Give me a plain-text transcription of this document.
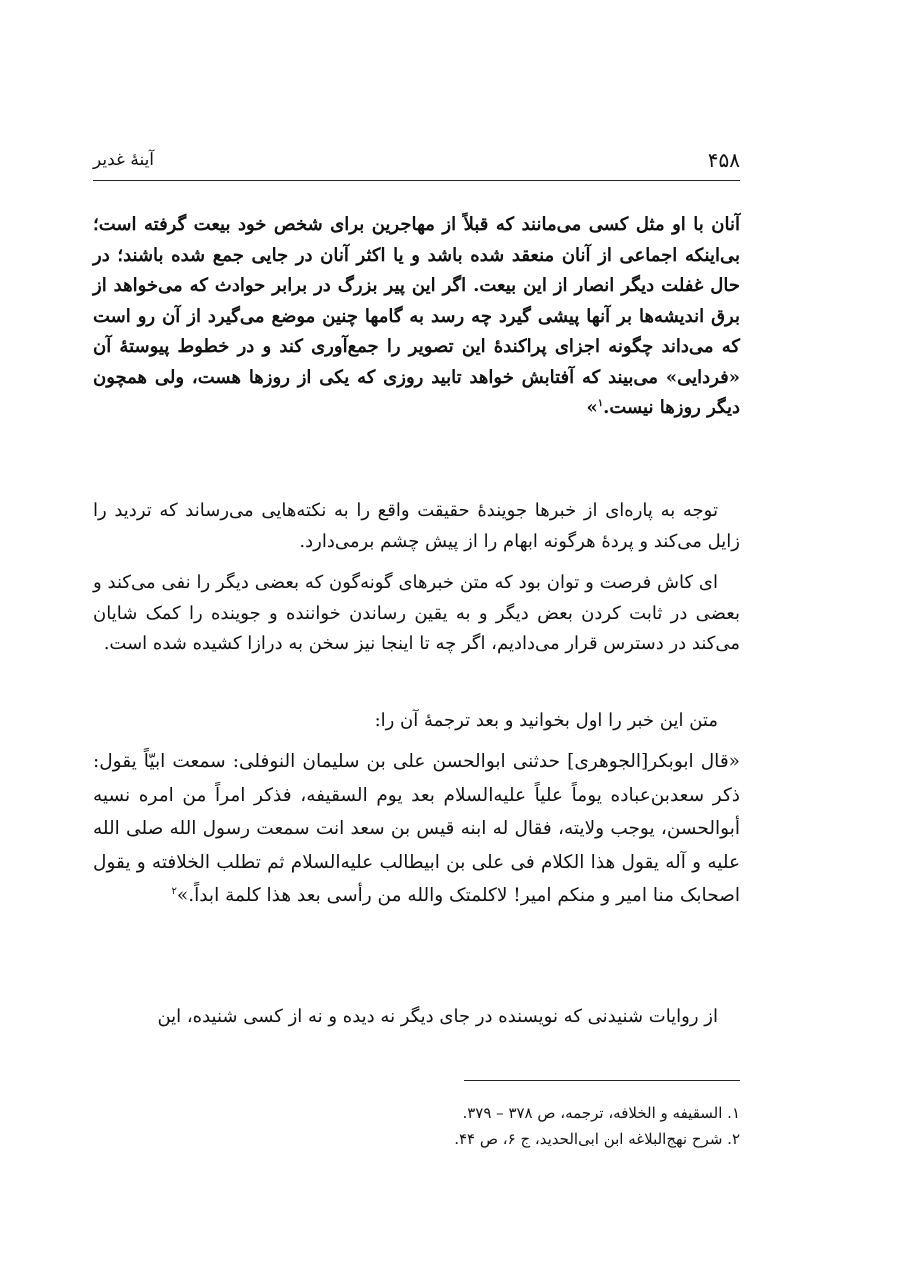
۴۵۸
آینهٔ غدیر
آنان با او مثل کسی می‌مانند که قبلاً از مهاجرین برای شخص خود بیعت گرفته است؛ بی‌اینکه اجماعی از آنان منعقد شده باشد و یا اکثر آنان در جایی جمع شده باشند؛ در حال غفلت دیگر انصار از این بیعت. اگر این پیر بزرگ در برابر حوادث که می‌خواهد از برق اندیشه‌ها بر آنها پیشی گیرد چه رسد به گامها چنین موضع می‌گیرد از آن رو است که می‌داند چگونه اجزای پراکندهٔ این تصویر را جمع‌آوری کند و در خطوط پیوستهٔ آن «فردایی» می‌بیند که آفتابش خواهد تابید روزی که یکی از روزها هست، ولی همچون دیگر روزها نیست.$^۱$»

توجه به پاره‌ای از خبرها جویندهٔ حقیقت واقع را به نکته‌هایی می‌رساند که تردید را زایل می‌کند و پردهٔ هرگونه ابهام را از پیش چشم برمی‌دارد.

ای کاش فرصت و توان بود که متن خبرهای گونه‌گون که بعضی دیگر را نفی می‌کند و بعضی در ثابت کردن بعض دیگر و به یقین رساندن خواننده و جوینده را کمک شایان می‌کند در دسترس قرار می‌دادیم، اگر چه تا اینجا نیز سخن به درازا کشیده شده است.

متن این خبر را اول بخوانید و بعد ترجمهٔ آن را:

«قال ابوبکر[الجوهری] حدثنی ابوالحسن علی بن سلیمان النوفلی: سمعت ابیّاً یقول: ذکر سعدبن‌عباده یوماً علیاً علیه‌السلام بعد یوم السقیفه، فذکر امراً من امره نسیه أبوالحسن، یوجب ولایته، فقال له ابنه قیس بن سعد انت سمعت رسول الله صلی الله علیه و آله یقول هذا الکلام فی علی بن ابیطالب علیه‌السلام ثم تطلب الخلافته و یقول اصحابک منا امیر و منکم امیر! لاکلمتک والله من رأسی بعد هذا کلمة ابداً.»$^۲$

از روایات شنیدنی که نویسنده در جای دیگر نه دیده و نه از کسی شنیده، این

۱. السقیفه و الخلافه، ترجمه، ص ۳۷۸ – ۳۷۹.
۲. شرح نهج‌البلاغه ابن ابی‌الحدید، ج ۶، ص ۴۴.
